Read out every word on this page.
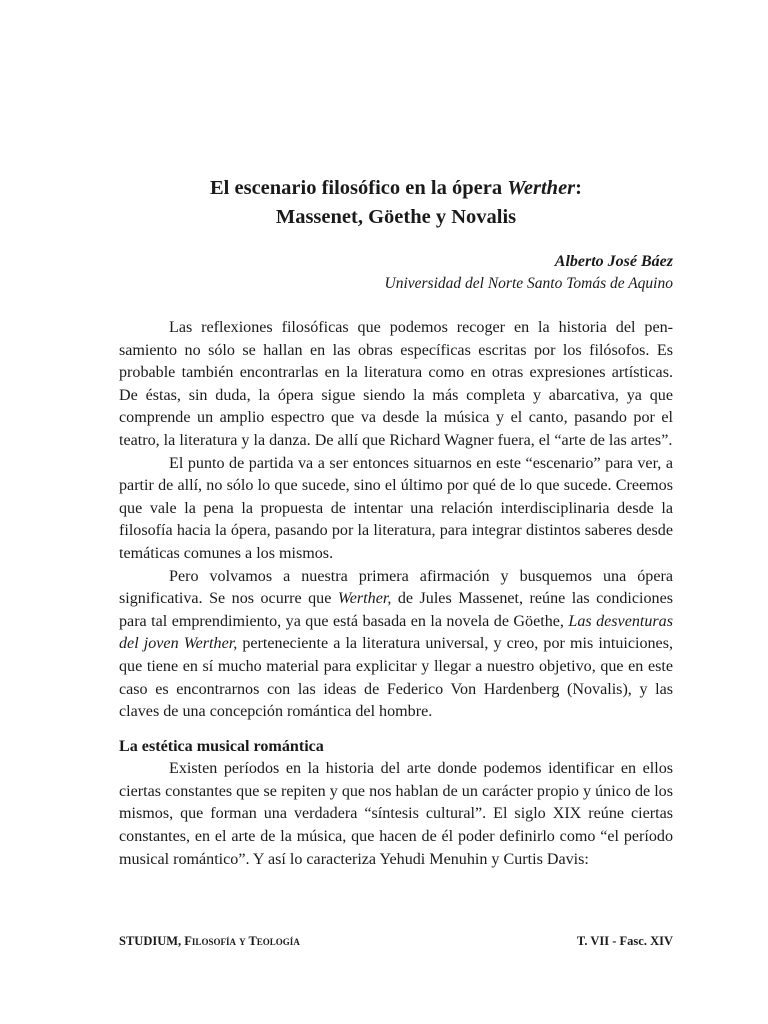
El escenario filosófico en la ópera Werther:
Massenet, Göethe y Novalis
Alberto José Báez
Universidad del Norte Santo Tomás de Aquino

Las reflexiones filosóficas que podemos recoger en la historia del pensamiento no sólo se hallan en las obras específicas escritas por los filósofos. Es probable también encontrarlas en la literatura como en otras expresiones artísticas. De éstas, sin duda, la ópera sigue siendo la más completa y abarcativa, ya que comprende un amplio espectro que va desde la música y el canto, pasando por el teatro, la literatura y la danza. De allí que Richard Wagner fuera, el “arte de las artes”.

El punto de partida va a ser entonces situarnos en este “escenario” para ver, a partir de allí, no sólo lo que sucede, sino el último por qué de lo que sucede. Creemos que vale la pena la propuesta de intentar una relación interdisciplinaria desde la filosofía hacia la ópera, pasando por la literatura, para integrar distintos saberes desde temáticas comunes a los mismos.

Pero volvamos a nuestra primera afirmación y busquemos una ópera significativa. Se nos ocurre que Werther, de Jules Massenet, reúne las condiciones para tal emprendimiento, ya que está basada en la novela de Göethe, Las desventuras del joven Werther, perteneciente a la literatura universal, y creo, por mis intuiciones, que tiene en sí mucho material para explicitar y llegar a nuestro objetivo, que en este caso es encontrarnos con las ideas de Federico Von Hardenberg (Novalis), y las claves de una concepción romántica del hombre.

La estética musical romántica

Existen períodos en la historia del arte donde podemos identificar en ellos ciertas constantes que se repiten y que nos hablan de un carácter propio y único de los mismos, que forman una verdadera “síntesis cultural”. El siglo XIX reúne ciertas constantes, en el arte de la música, que hacen de él poder definirlo como “el período musical romántico”. Y así lo caracteriza Yehudi Menuhin y Curtis Davis:

STUDIUM, Filosofía y Teología	T. VII - Fasc. XIV
